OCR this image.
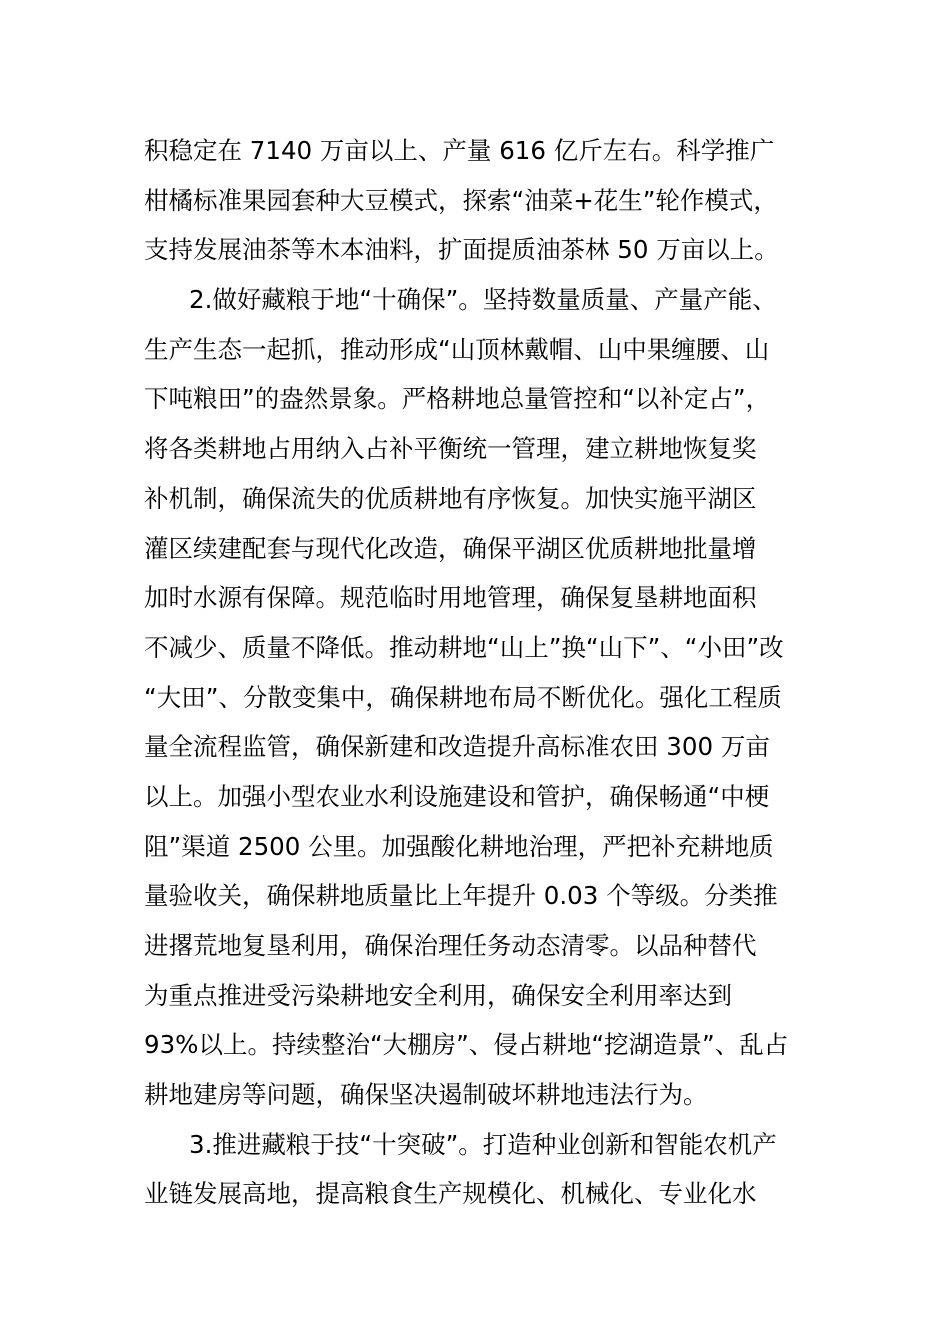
积稳定在 7140 万亩以上、产量 616 亿斤左右。科学推广
柑橘标准果园套种大豆模式，探索“油菜+花生”轮作模式，
支持发展油茶等木本油料，扩面提质油茶林 50 万亩以上。
2.做好藏粮于地“十确保”。坚持数量质量、产量产能、
生产生态一起抓，推动形成“山顶林戴帽、山中果缠腰、山
下吨粮田”的盎然景象。严格耕地总量管控和“以补定占”，
将各类耕地占用纳入占补平衡统一管理，建立耕地恢复奖
补机制，确保流失的优质耕地有序恢复。加快实施平湖区
灌区续建配套与现代化改造，确保平湖区优质耕地批量增
加时水源有保障。规范临时用地管理，确保复垦耕地面积
不减少、质量不降低。推动耕地“山上”换“山下”、“小田”改
“大田”、分散变集中，确保耕地布局不断优化。强化工程质
量全流程监管，确保新建和改造提升高标准农田 300 万亩
以上。加强小型农业水利设施建设和管护，确保畅通“中梗
阻”渠道 2500 公里。加强酸化耕地治理，严把补充耕地质
量验收关，确保耕地质量比上年提升 0.03 个等级。分类推
进撂荒地复垦利用，确保治理任务动态清零。以品种替代
为重点推进受污染耕地安全利用，确保安全利用率达到
93%以上。持续整治“大棚房”、侵占耕地“挖湖造景”、乱占
耕地建房等问题，确保坚决遏制破坏耕地违法行为。
3.推进藏粮于技“十突破”。打造种业创新和智能农机产
业链发展高地，提高粮食生产规模化、机械化、专业化水
